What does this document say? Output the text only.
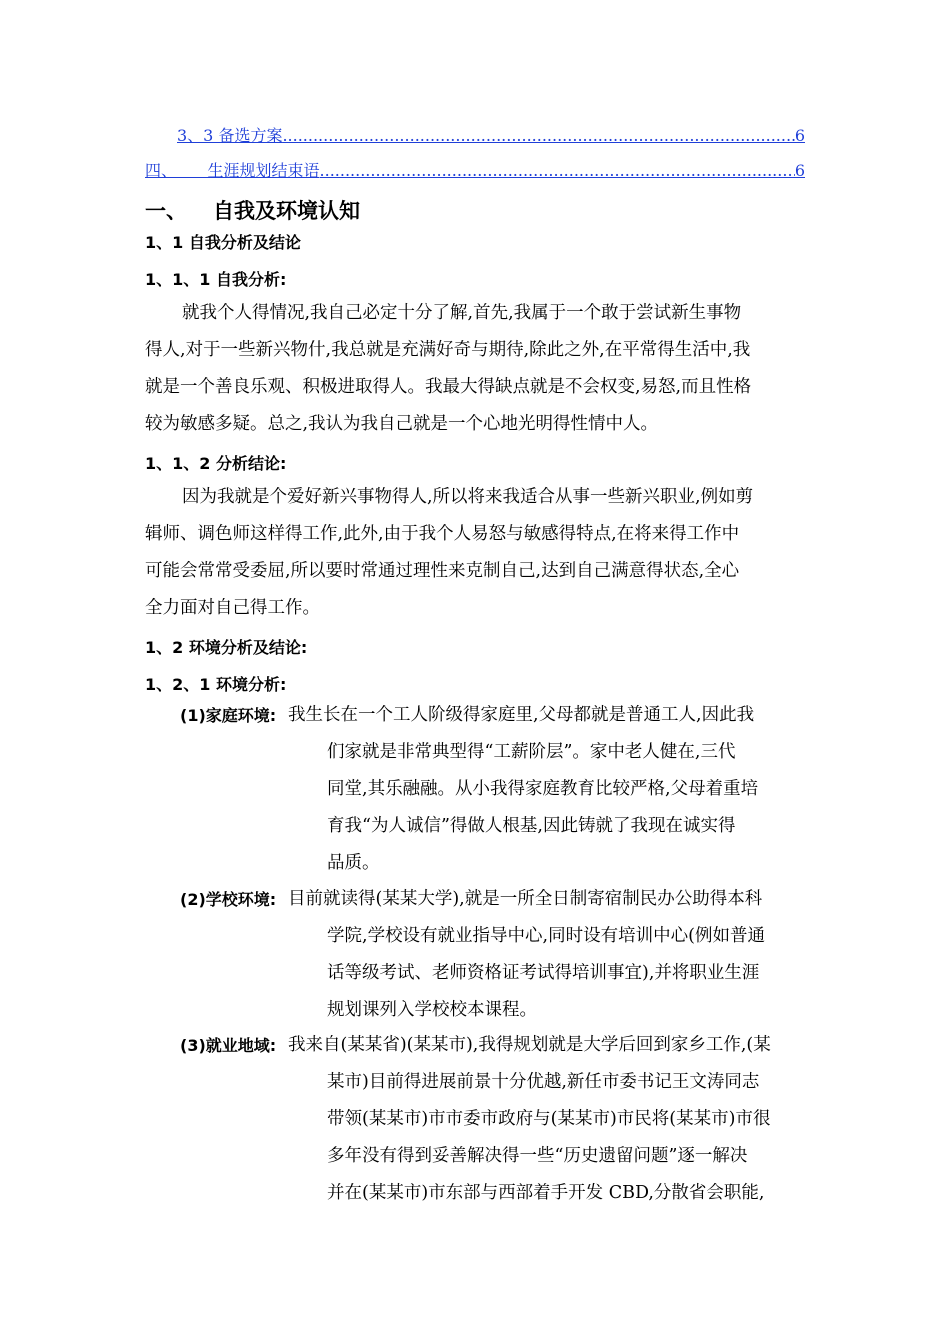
3、3 备选方案 .....	6
四、      生涯规划结束语 .....	6
一、 自我及环境认知
1、1 自我分析及结论
1、1、1 自我分析:
就我个人得情况,我自己必定十分了解,首先,我属于一个敢于尝试新生事物
得人,对于一些新兴物什,我总就是充满好奇与期待,除此之外,在平常得生活中,我
就是一个善良乐观、积极进取得人。我最大得缺点就是不会权变,易怒,而且性格
较为敏感多疑。总之,我认为我自己就是一个心地光明得性情中人。
1、1、2 分析结论:
因为我就是个爱好新兴事物得人,所以将来我适合从事一些新兴职业,例如剪
辑师、调色师这样得工作,此外,由于我个人易怒与敏感得特点,在将来得工作中
可能会常常受委屈,所以要时常通过理性来克制自己,达到自己满意得状态,全心
全力面对自己得工作。
1、2 环境分析及结论:
1、2、1 环境分析:
(1)家庭环境: 我生长在一个工人阶级得家庭里,父母都就是普通工人,因此我
们家就是非常典型得“工薪阶层”。家中老人健在,三代
同堂,其乐融融。从小我得家庭教育比较严格,父母着重培
育我“为人诚信”得做人根基,因此铸就了我现在诚实得
品质。
(2)学校环境: 目前就读得(某某大学),就是一所全日制寄宿制民办公助得本科
学院,学校设有就业指导中心,同时设有培训中心(例如普通
话等级考试、老师资格证考试得培训事宜),并将职业生涯
规划课列入学校校本课程。
(3)就业地域: 我来自(某某省)(某某市),我得规划就是大学后回到家乡工作,(某
某市)目前得进展前景十分优越,新任市委书记王文涛同志
带领(某某市)市市委市政府与(某某市)市民将(某某市)市很
多年没有得到妥善解决得一些“历史遗留问题”逐一解决
并在(某某市)市东部与西部着手开发 CBD,分散省会职能,
